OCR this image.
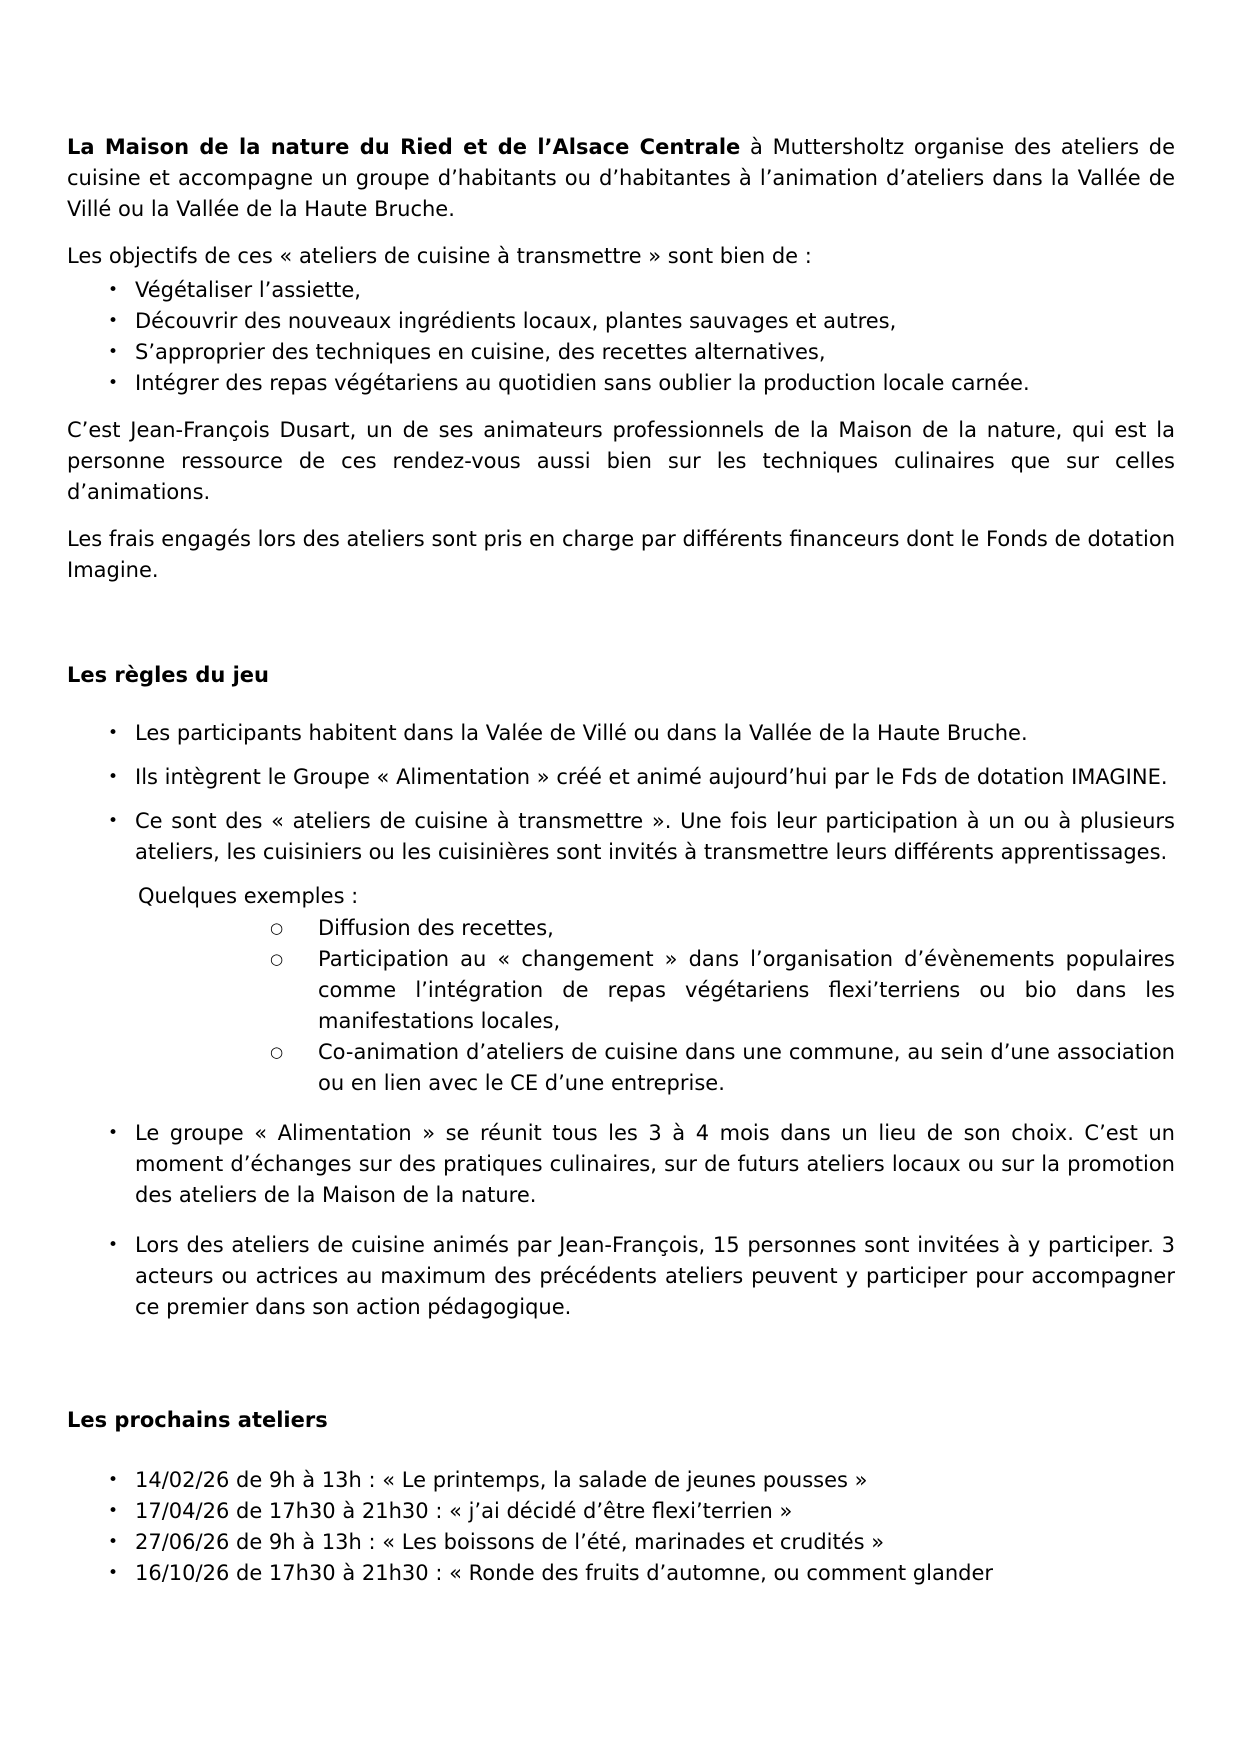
La Maison de la nature du Ried et de l’Alsace Centrale à Muttersholtz organise des ateliers de cuisine et accompagne un groupe d’habitants ou d’habitantes à l’animation d’ateliers dans la Vallée de Villé ou la Vallée de la Haute Bruche.

Les objectifs de ces « ateliers de cuisine à transmettre » sont bien de :

• Végétaliser l’assiette,
• Découvrir des nouveaux ingrédients locaux, plantes sauvages et autres,
• S’approprier des techniques en cuisine, des recettes alternatives,
• Intégrer des repas végétariens au quotidien sans oublier la production locale carnée.

C’est Jean-François Dusart, un de ses animateurs professionnels de la Maison de la nature, qui est la personne ressource de ces rendez-vous aussi bien sur les techniques culinaires que sur celles d’animations.

Les frais engagés lors des ateliers sont pris en charge par différents financeurs dont le Fonds de dotation Imagine.

Les règles du jeu
• Les participants habitent dans la Valée de Villé ou dans la Vallée de la Haute Bruche.
• Ils intègrent le Groupe « Alimentation » créé et animé aujourd’hui par le Fds de dotation IMAGINE.
• Ce sont des « ateliers de cuisine à transmettre ». Une fois leur participation à un ou à plusieurs ateliers, les cuisiniers ou les cuisinières sont invités à transmettre leurs différents apprentissages.

Quelques exemples :

○	Diffusion des recettes,
○	Participation au « changement » dans l’organisation d’évènements populaires comme l’intégration de repas végétariens flexi’terriens ou bio dans les manifestations locales,
○	Co-animation d’ateliers de cuisine dans une commune, au sein d’une association ou en lien avec le CE d’une entreprise.
• Le groupe « Alimentation » se réunit tous les 3 à 4 mois dans un lieu de son choix. C’est un moment d’échanges sur des pratiques culinaires, sur de futurs ateliers locaux ou sur la promotion des ateliers de la Maison de la nature.
• Lors des ateliers de cuisine animés par Jean-François, 15 personnes sont invitées à y participer. 3 acteurs ou actrices au maximum des précédents ateliers peuvent y participer pour accompagner ce premier dans son action pédagogique.
Les prochains ateliers
• 14/02/26 de 9h à 13h : « Le printemps, la salade de jeunes pousses »
• 17/04/26 de 17h30 à 21h30 : « j’ai décidé d’être flexi’terrien »
• 27/06/26 de 9h à 13h : « Les boissons de l’été, marinades et crudités »
• 16/10/26 de 17h30 à 21h30 : « Ronde des fruits d’automne, ou comment glander
